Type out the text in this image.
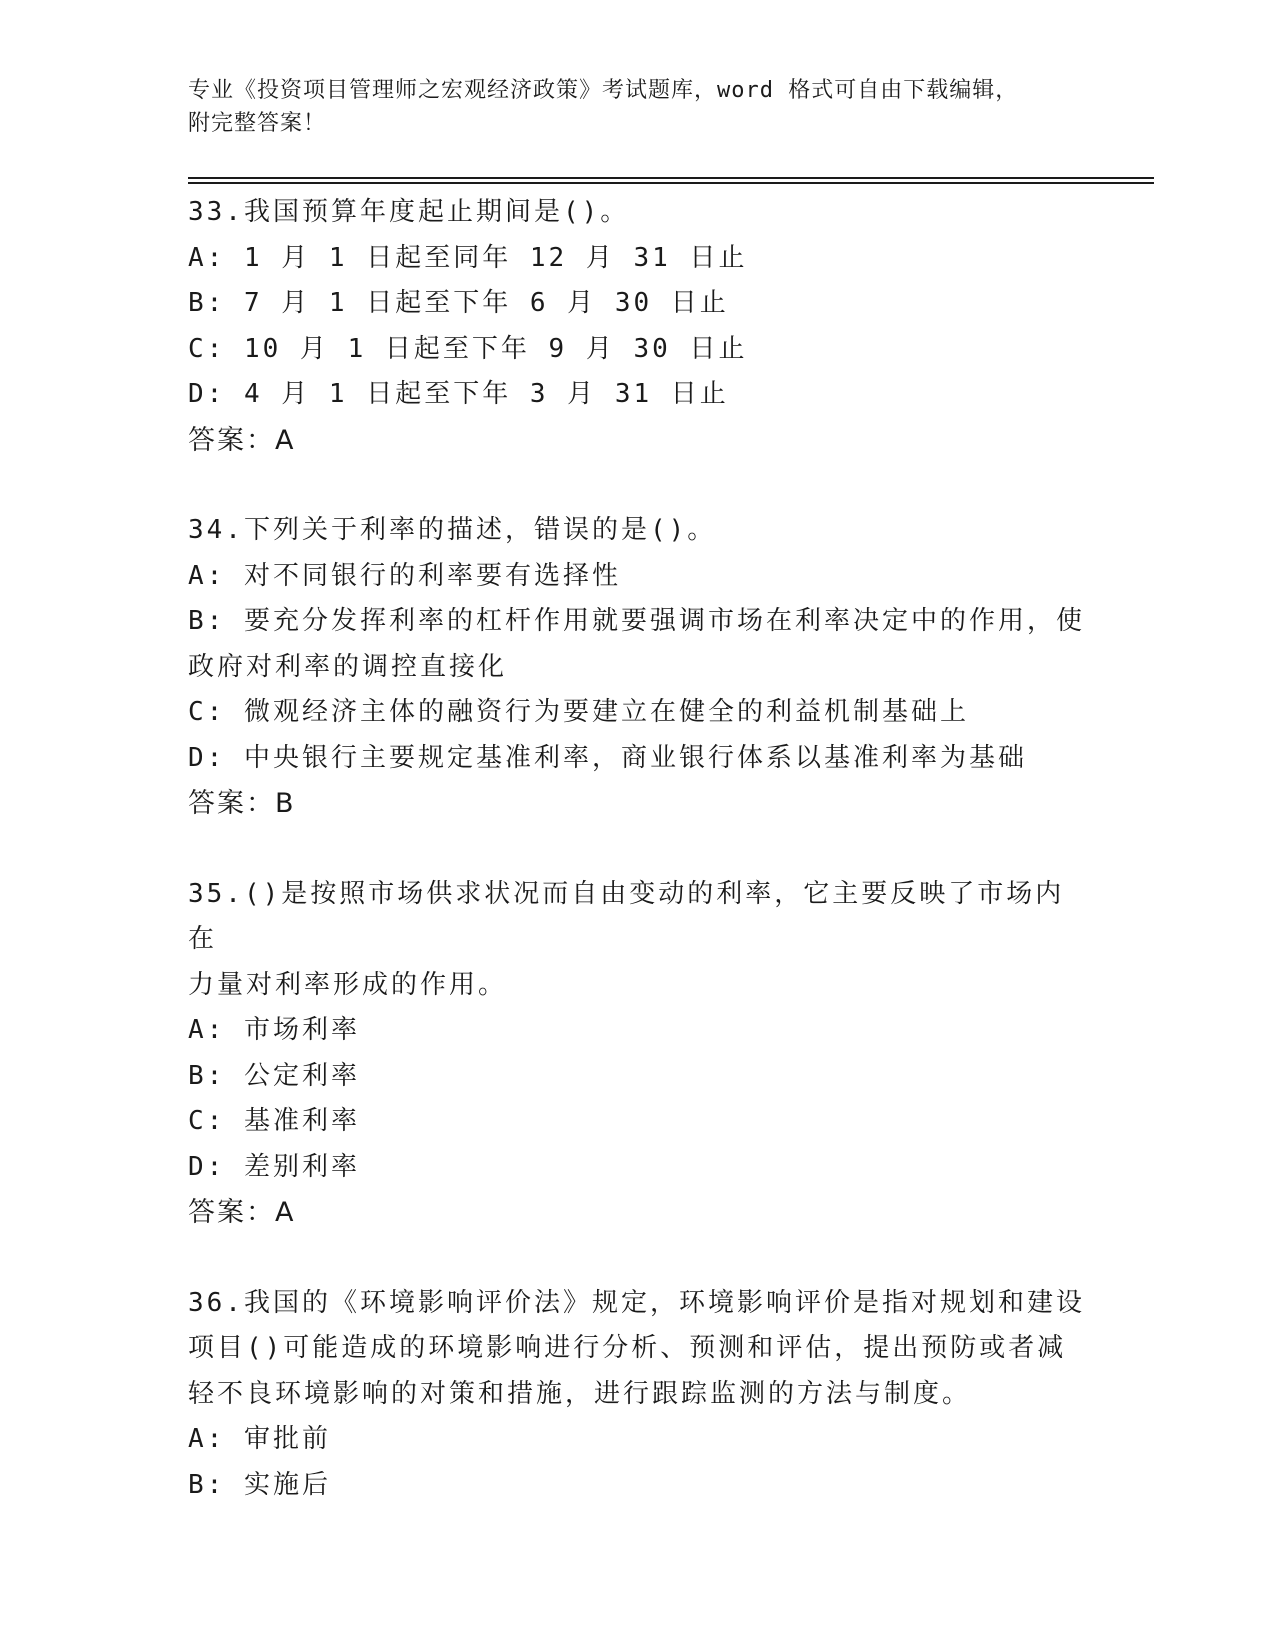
专业《投资项目管理师之宏观经济政策》考试题库，word 格式可自由下载编辑，
附完整答案！
33.我国预算年度起止期间是()。
A: 1 月 1 日起至同年 12 月 31 日止
B: 7 月 1 日起至下年 6 月 30 日止
C: 10 月 1 日起至下年 9 月 30 日止
D: 4 月 1 日起至下年 3 月 31 日止
答案：A
34.下列关于利率的描述，错误的是()。
A: 对不同银行的利率要有选择性
B: 要充分发挥利率的杠杆作用就要强调市场在利率决定中的作用，使
政府对利率的调控直接化
C: 微观经济主体的融资行为要建立在健全的利益机制基础上
D: 中央银行主要规定基准利率，商业银行体系以基准利率为基础
答案：B
35.()是按照市场供求状况而自由变动的利率，它主要反映了市场内在
力量对利率形成的作用。
A: 市场利率
B: 公定利率
C: 基准利率
D: 差别利率
答案：A
36.我国的《环境影响评价法》规定，环境影响评价是指对规划和建设
项目()可能造成的环境影响进行分析、预测和评估，提出预防或者减
轻不良环境影响的对策和措施，进行跟踪监测的方法与制度。
A: 审批前
B: 实施后
